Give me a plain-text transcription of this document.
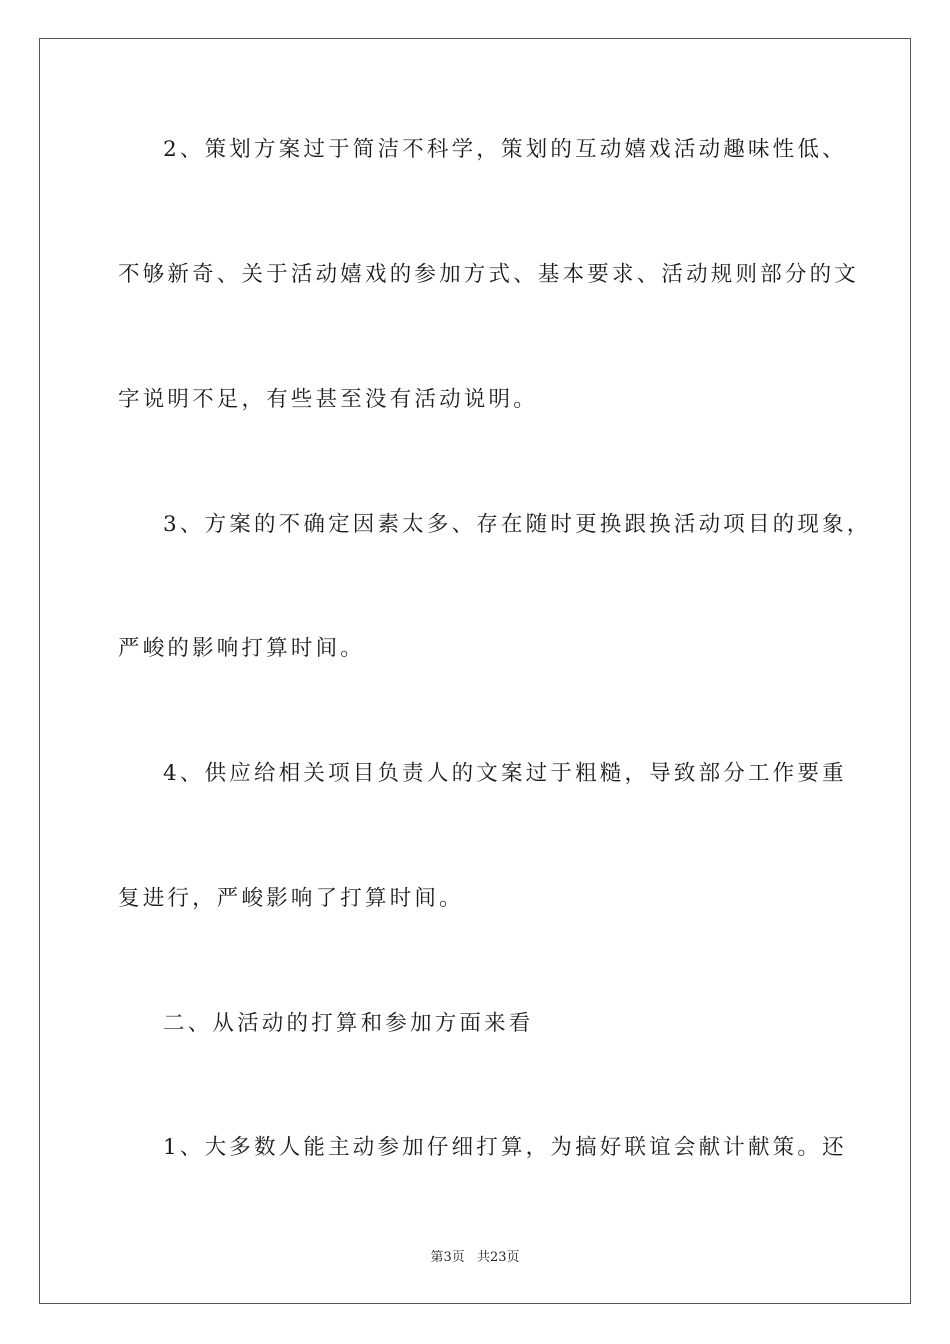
2、策划方案过于简洁不科学，策划的互动嬉戏活动趣味性低、
不够新奇、关于活动嬉戏的参加方式、基本要求、活动规则部分的文
字说明不足，有些甚至没有活动说明。
3、方案的不确定因素太多、存在随时更换跟换活动项目的现象，
严峻的影响打算时间。
4、供应给相关项目负责人的文案过于粗糙，导致部分工作要重
复进行，严峻影响了打算时间。
二、从活动的打算和参加方面来看
1、大多数人能主动参加仔细打算，为搞好联谊会献计献策。还
第3页 共23页
